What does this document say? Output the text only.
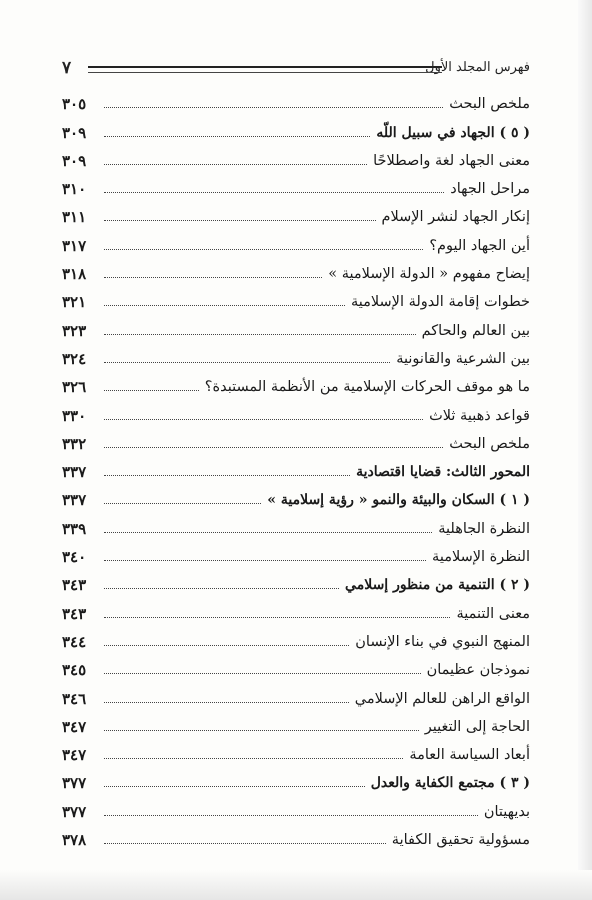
فهرس المجلد الأول
٧
ملخص البحث
٣٠٥
( ٥ ) الجهاد في سبيل اللّه
٣٠٩
معنى الجهاد لغة واصطلاحًا
٣٠٩
مراحل الجهاد
٣١٠
إنكار الجهاد لنشر الإسلام
٣١١
أين الجهاد اليوم؟
٣١٧
إيضاح مفهوم « الدولة الإسلامية »
٣١٨
خطوات إقامة الدولة الإسلامية
٣٢١
بين العالم والحاكم
٣٢٣
بين الشرعية والقانونية
٣٢٤
ما هو موقف الحركات الإسلامية من الأنظمة المستبدة؟
٣٢٦
قواعد ذهبية ثلاث
٣٣٠
ملخص البحث
٣٣٢
المحور الثالث: قضايا اقتصادية
٣٣٧
( ١ ) السكان والبيئة والنمو « رؤية إسلامية »
٣٣٧
النظرة الجاهلية
٣٣٩
النظرة الإسلامية
٣٤٠
( ٢ ) التنمية من منظور إسلامي
٣٤٣
معنى التنمية
٣٤٣
المنهج النبوي في بناء الإنسان
٣٤٤
نموذجان عظيمان
٣٤٥
الواقع الراهن للعالم الإسلامي
٣٤٦
الحاجة إلى التغيير
٣٤٧
أبعاد السياسة العامة
٣٤٧
( ٣ ) مجتمع الكفاية والعدل
٣٧٧
بديهيتان
٣٧٧
مسؤولية تحقيق الكفاية
٣٧٨
